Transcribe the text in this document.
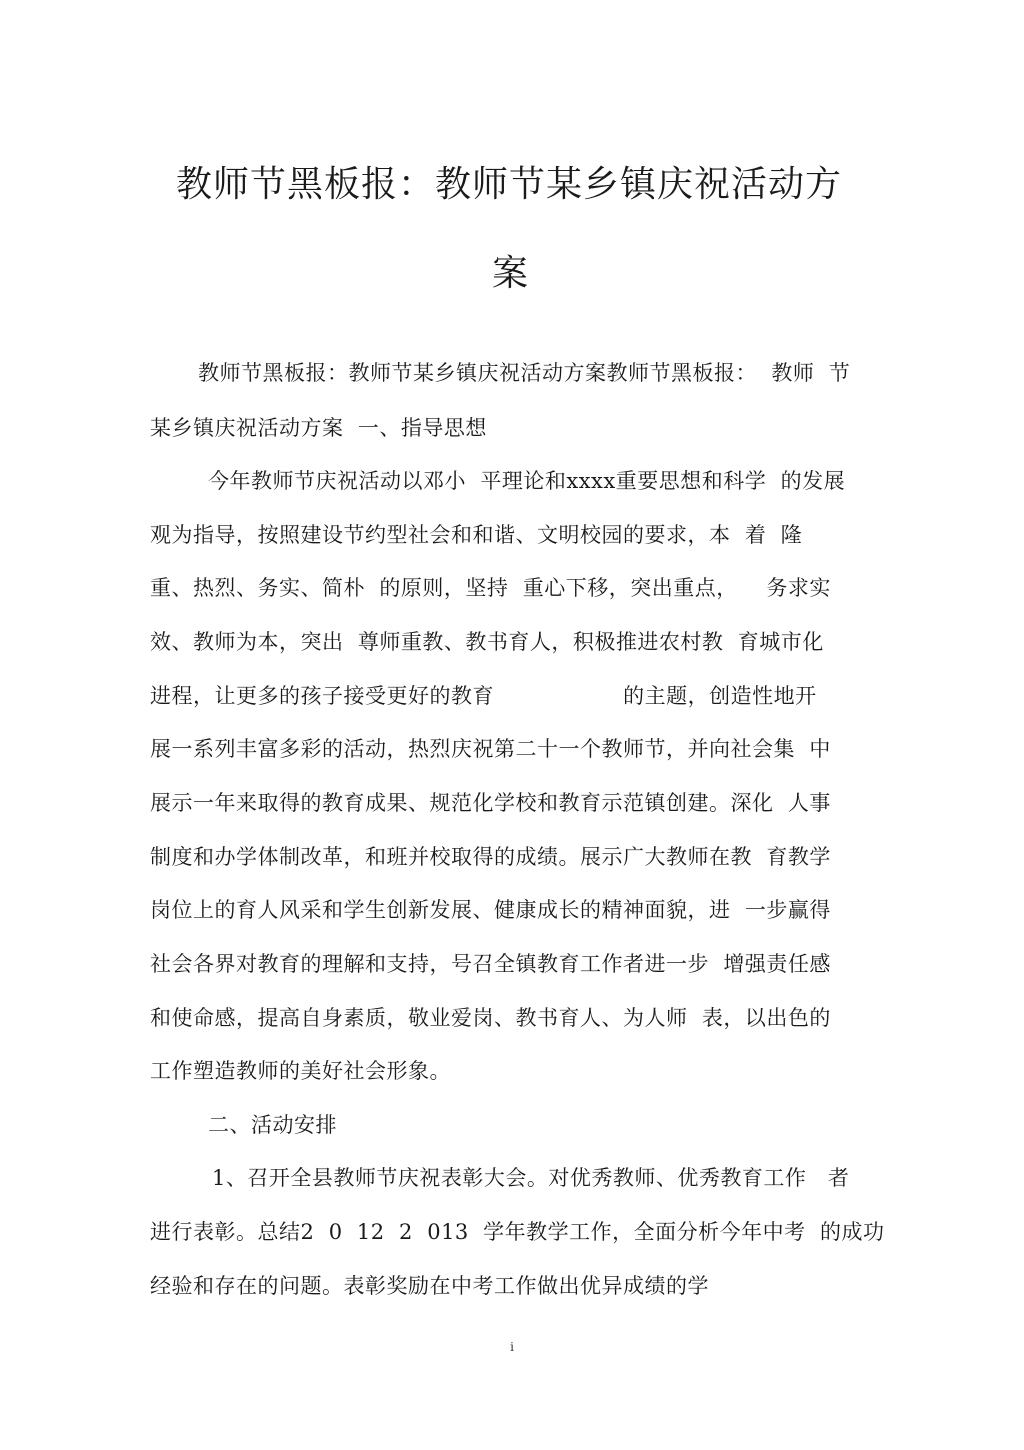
教师节黑板报：教师节某乡镇庆祝活动方
案
教师节黑板报：教师节某乡镇庆祝活动方案教师节黑板报：  教师  节
某乡镇庆祝活动方案  一、指导思想
今年教师节庆祝活动以邓小  平理论和xxxx重要思想和科学  的发展
观为指导，按照建设节约型社会和和谐、文明校园的要求，本  着  隆
重、热烈、务实、简朴  的原则，坚持  重心下移，突出重点，    务求实
效、教师为本，突出  尊师重教、教书育人，积极推进农村教  育城市化
进程，让更多的孩子接受更好的教育                  的主题，创造性地开
展一系列丰富多彩的活动，热烈庆祝第二十一个教师节，并向社会集  中
展示一年来取得的教育成果、规范化学校和教育示范镇创建。深化  人事
制度和办学体制改革，和班并校取得的成绩。展示广大教师在教  育教学
岗位上的育人风采和学生创新发展、健康成长的精神面貌，进  一步赢得
社会各界对教育的理解和支持，号召全镇教育工作者进一步  增强责任感
和使命感，提高自身素质，敬业爱岗、教书育人、为人师  表，以出色的
工作塑造教师的美好社会形象。
二、活动安排
1、召开全县教师节庆祝表彰大会。对优秀教师、优秀教育工作   者
进行表彰。总结2  0  12  2  013  学年教学工作，全面分析今年中考  的成功
经验和存在的问题。表彰奖励在中考工作做出优异成绩的学
i
